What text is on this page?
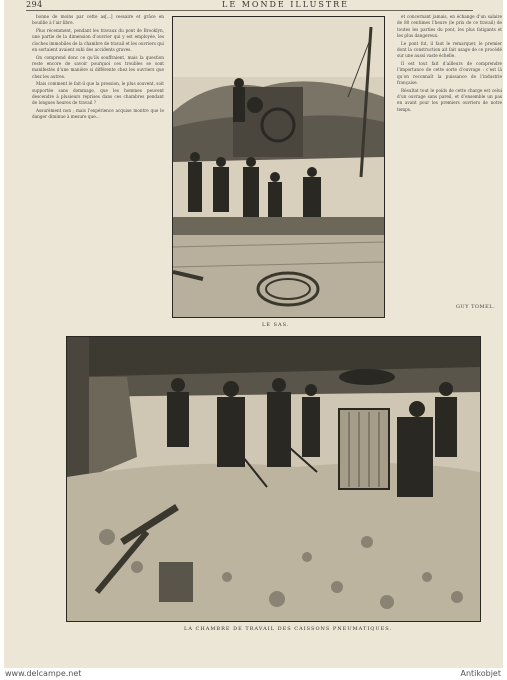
294	LE MONDE ILLUSTRÉ

bonne de moins par cette as[...] cessaire et grâce en bouillie à l’air libre.

Plus récemment, pendant les travaux du pont de Brooklyn, une partie de la dimension d’ouvrier qui y est employée, les cloches immobiles de la chambre de travail et les ouvriers qui en sortaient avaient subi des accidents graves.

On comprend donc ce qu’ils souffraient, mais la question reste encore de savoir pourquoi ces troubles se sont manifestés d’une manière si différente chez les ouvriers que chez les autres.

Mais comment le fait-il que la pression, le plus souvent, soit supportée sans dommage, que les hommes peuvent descendre à plusieurs reprises dans ces chambres pendant de longues heures de travail ?

Assurément non ; mais l’expérience acquise montre que le danger diminue à mesure que...

et concernant jamais, en échange d’un salaire de 80 centimes l’heure (le prix de ce travail) de toutes les parties du pont, les plus fatigants et les plus dangereux.

Le pont fut, il faut le remarquer, le premier dont la construction ait fait usage de ce procédé sur une aussi vaste échelle.

Il est tout fait d’ailleurs de comprendre l’importance de cette sorte d’ouvrage : c’est là qu’on reconnaît la puissance de l’industrie française.

Résultat tout le poids de cette charge est celui d’un ouvrage sans pareil, et d’ensemble un pas en avant pour les premiers ouvriers de notre temps.

GUY TOMEL.
LE SAS.
LA CHAMBRE DE TRAVAIL DES CAISSONS PNEUMATIQUES.
www.delcampe.net	Antikobjet
